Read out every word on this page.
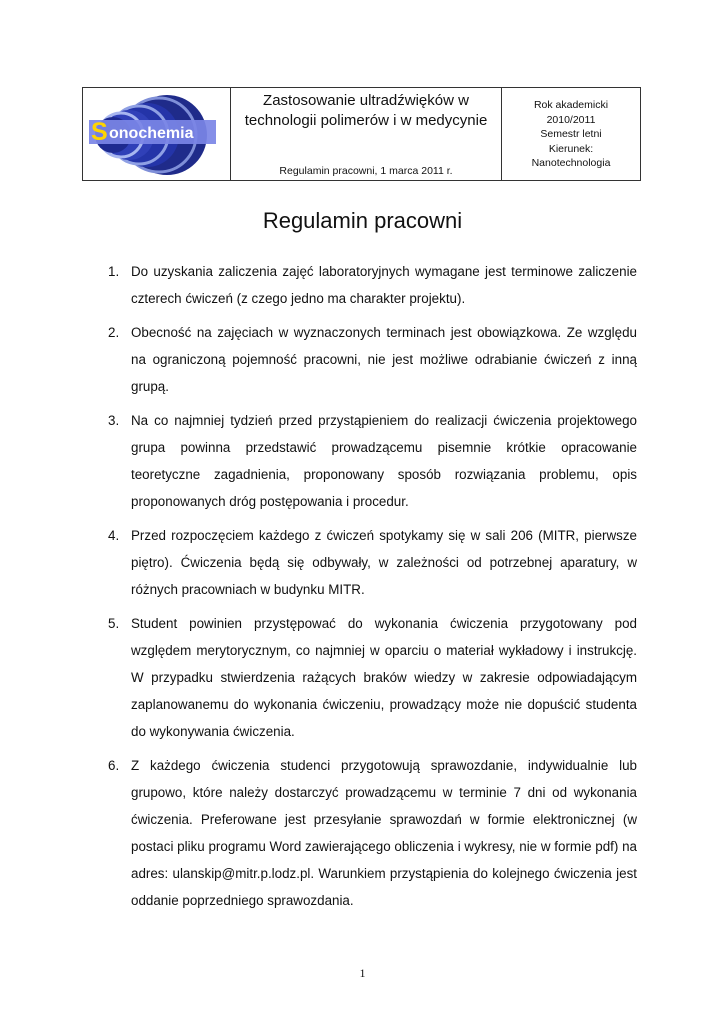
S onochemia
Zastosowanie ultradźwięków w technologii polimerów i w medycynie
Regulamin pracowni, 1 marca 2011 r.
Rok akademicki
2010/2011
Semestr letni
Kierunek:
Nanotechnologia
Regulamin pracowni
1. Do uzyskania zaliczenia zajęć laboratoryjnych wymagane jest terminowe zaliczenie czterech ćwiczeń (z czego jedno ma charakter projektu).
2. Obecność na zajęciach w wyznaczonych terminach jest obowiązkowa. Ze względu na ograniczoną pojemność pracowni, nie jest możliwe odrabianie ćwiczeń z inną grupą.
3. Na co najmniej tydzień przed przystąpieniem do realizacji ćwiczenia projektowego grupa powinna przedstawić prowadzącemu pisemnie krótkie opracowanie teoretyczne zagadnienia, proponowany sposób rozwiązania problemu, opis proponowanych dróg postępowania i procedur.
4. Przed rozpoczęciem każdego z ćwiczeń spotykamy się w sali 206 (MITR, pierwsze piętro). Ćwiczenia będą się odbywały, w zależności od potrzebnej aparatury, w różnych pracowniach w budynku MITR.
5. Student powinien przystępować do wykonania ćwiczenia przygotowany pod względem merytorycznym, co najmniej w oparciu o materiał wykładowy i instrukcję. W przypadku stwierdzenia rażących braków wiedzy w zakresie odpowiadającym zaplanowanemu do wykonania ćwiczeniu, prowadzący może nie dopuścić studenta do wykonywania ćwiczenia.
6. Z każdego ćwiczenia studenci przygotowują sprawozdanie, indywidualnie lub grupowo, które należy dostarczyć prowadzącemu w terminie 7 dni od wykonania ćwiczenia. Preferowane jest przesyłanie sprawozdań w formie elektronicznej (w postaci pliku programu Word zawierającego obliczenia i wykresy, nie w formie pdf) na adres: ulanskip@mitr.p.lodz.pl. Warunkiem przystąpienia do kolejnego ćwiczenia jest oddanie poprzedniego sprawozdania.
1
